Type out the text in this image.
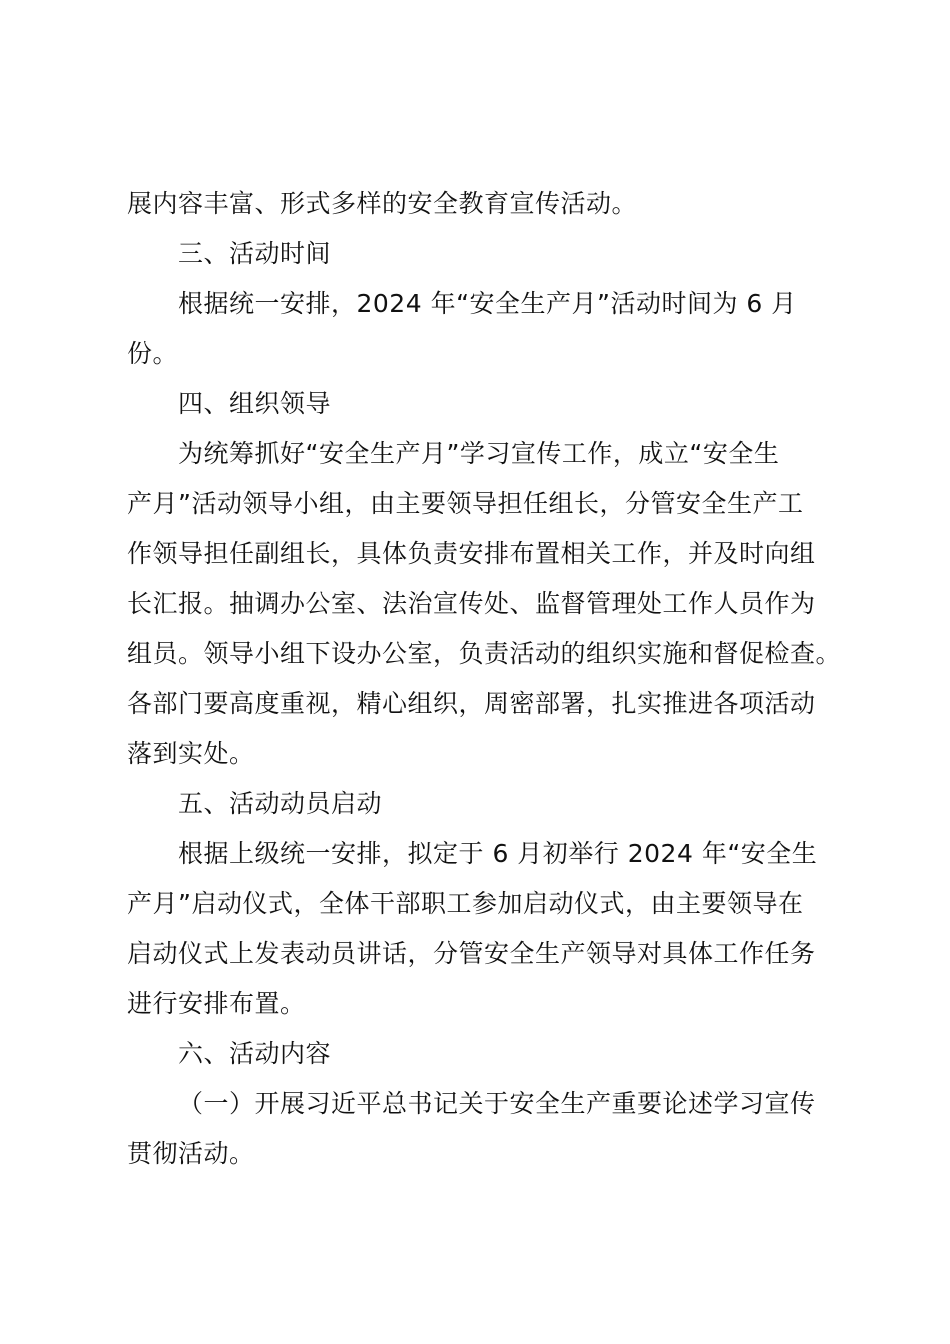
展内容丰富、形式多样的安全教育宣传活动。
三、活动时间
根据统一安排，2024 年“安全生产月”活动时间为 6 月
份。
四、组织领导
为统筹抓好“安全生产月”学习宣传工作，成立“安全生
产月”活动领导小组，由主要领导担任组长，分管安全生产工
作领导担任副组长，具体负责安排布置相关工作，并及时向组
长汇报。抽调办公室、法治宣传处、监督管理处工作人员作为
组员。领导小组下设办公室，负责活动的组织实施和督促检查。
各部门要高度重视，精心组织，周密部署，扎实推进各项活动
落到实处。
五、活动动员启动
根据上级统一安排，拟定于 6 月初举行 2024 年“安全生
产月”启动仪式，全体干部职工参加启动仪式，由主要领导在
启动仪式上发表动员讲话，分管安全生产领导对具体工作任务
进行安排布置。
六、活动内容
（一）开展习近平总书记关于安全生产重要论述学习宣传
贯彻活动。
